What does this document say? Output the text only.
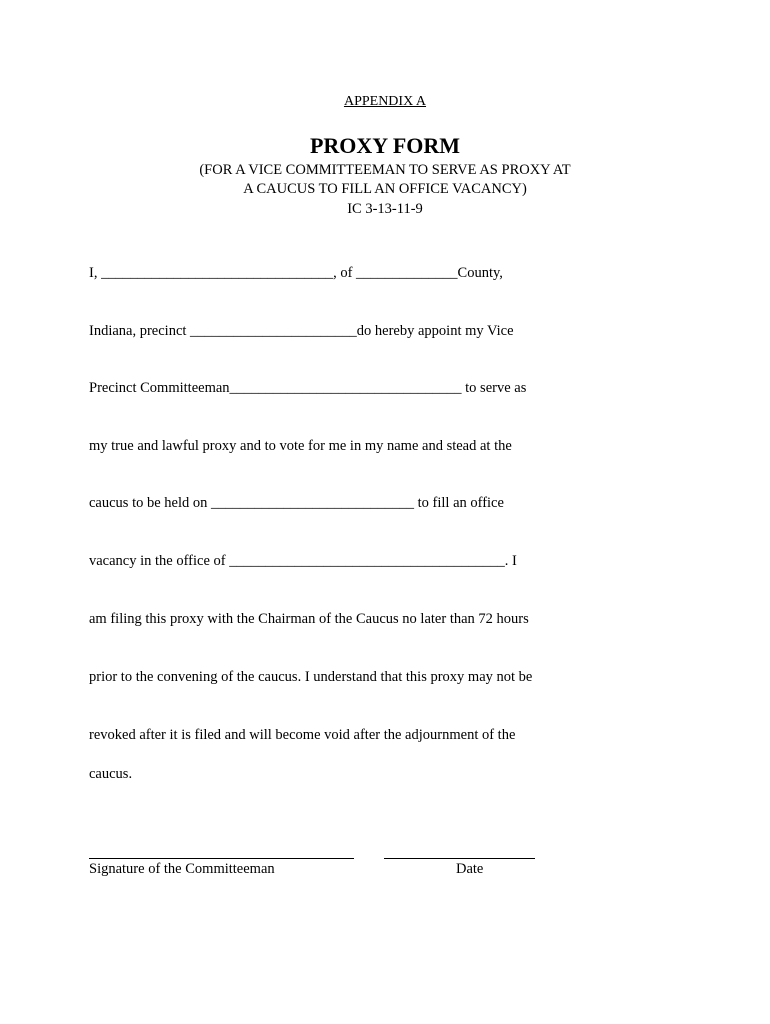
APPENDIX A
PROXY FORM
(FOR A VICE COMMITTEEMAN TO SERVE AS PROXY AT
A CAUCUS TO FILL AN OFFICE VACANCY)
IC 3-13-11-9
I, ________________________________, of ______________County,
Indiana, precinct _______________________do hereby appoint my Vice
Precinct Committeeman________________________________ to serve as
my true and lawful proxy and to vote for me in my name and stead at the
caucus to be held on ____________________________ to fill an office
vacancy in the office of ______________________________________. I
am filing this proxy with the Chairman of the Caucus no later than 72 hours
prior to the convening of the caucus. I understand that this proxy may not be
revoked after it is filed and will become void after the adjournment of the
caucus.
Signature of the Committeeman	Date
